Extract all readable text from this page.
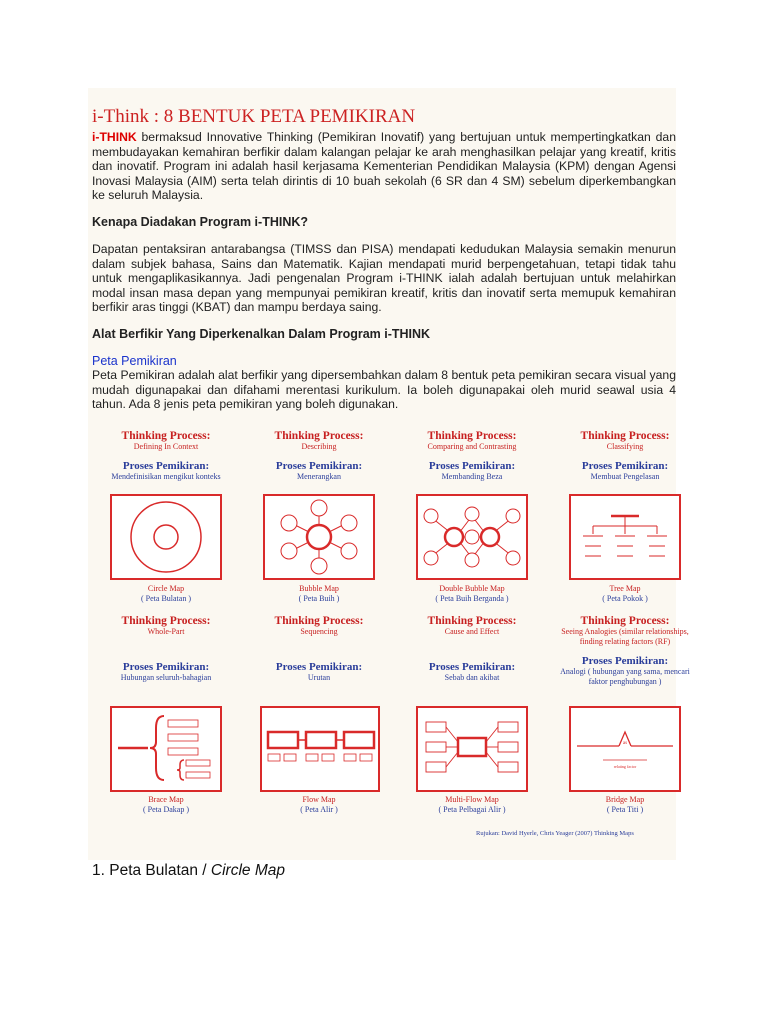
i-Think : 8 BENTUK PETA PEMIKIRAN
i-THINK bermaksud Innovative Thinking (Pemikiran Inovatif) yang bertujuan untuk mempertingkatkan dan membudayakan kemahiran berfikir dalam kalangan pelajar ke arah menghasilkan pelajar yang kreatif, kritis dan inovatif. Program ini adalah hasil kerjasama Kementerian Pendidikan Malaysia (KPM) dengan Agensi Inovasi Malaysia (AIM) serta telah dirintis di 10 buah sekolah (6 SR dan 4 SM) sebelum diperkembangkan ke seluruh Malaysia.
Kenapa Diadakan Program i-THINK?
Dapatan pentaksiran antarabangsa (TIMSS dan PISA) mendapati kedudukan Malaysia semakin menurun dalam subjek bahasa, Sains dan Matematik. Kajian mendapati murid berpengetahuan, tetapi tidak tahu untuk mengaplikasikannya. Jadi pengenalan Program i-THINK ialah adalah bertujuan untuk melahirkan modal insan masa depan yang mempunyai pemikiran kreatif, kritis dan inovatif serta memupuk kemahiran berfikir aras tinggi (KBAT) dan mampu berdaya saing.
Alat Berfikir Yang Diperkenalkan Dalam Program i-THINK
Peta Pemikiran
Peta Pemikiran adalah alat berfikir yang dipersembahkan dalam 8 bentuk peta pemikiran secara visual yang mudah digunapakai dan difahami merentasi kurikulum. Ia boleh digunapakai oleh murid seawal usia 4 tahun. Ada 8 jenis peta pemikiran yang boleh digunakan.
Thinking Process:
Defining In Context
Proses Pemikiran:
Mendefinisikan mengikut konteks
Circle Map
( Peta Bulatan )
Thinking Process:
Describing
Proses Pemikiran:
Menerangkan
Bubble Map
( Peta Buih )
Thinking Process:
Comparing and Contrasting
Proses Pemikiran:
Membanding Beza
Double Bubble Map
( Peta Buih Berganda )
Thinking Process:
Classifying
Proses Pemikiran:
Membuat Pengelasan
Tree Map
( Peta Pokok )
Thinking Process:
Whole-Part
Proses Pemikiran:
Hubungan seluruh-bahagian
Brace Map
( Peta Dakap )
Thinking Process:
Sequencing
Proses Pemikiran:
Urutan
Flow Map
( Peta Alir )
Thinking Process:
Cause and Effect
Proses Pemikiran:
Sebab dan akibat
Multi-Flow Map
( Peta Pelbagai Alir )
Thinking Process:
Seeing Analogies (similar relationships, finding relating factors (RF)
Proses Pemikiran:
Analogi ( hubungan yang sama, mencari faktor penghubungan )
as
relating factor
Bridge Map
( Peta Titi )
Rujukan: David Hyerle, Chris Yeager (2007) Thinking Maps
1. Peta Bulatan / Circle Map
